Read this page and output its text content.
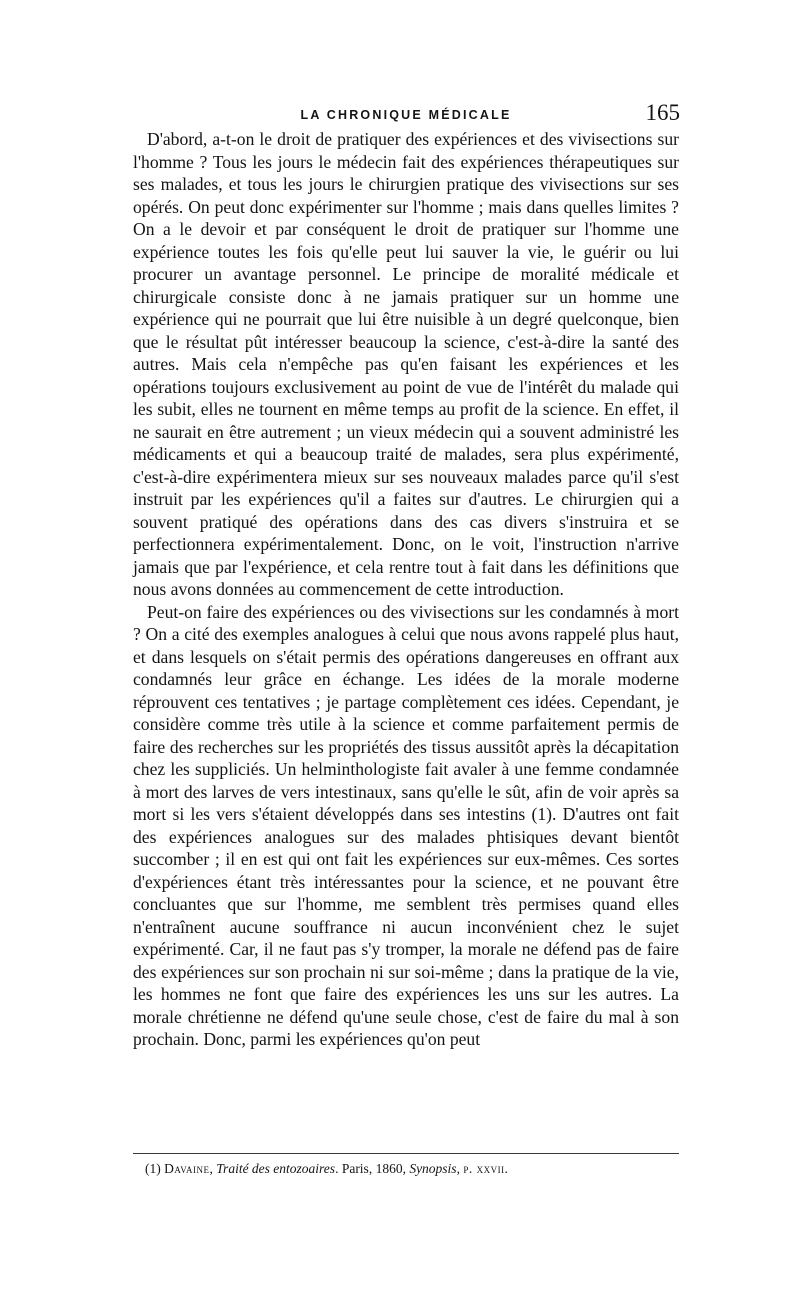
LA CHRONIQUE MÉDICALE	165

D'abord, a-t-on le droit de pratiquer des expériences et des vivisections sur l'homme ? Tous les jours le médecin fait des expériences thérapeutiques sur ses malades, et tous les jours le chirurgien pratique des vivisections sur ses opérés. On peut donc expérimenter sur l'homme ; mais dans quelles limites ? On a le devoir et par conséquent le droit de pratiquer sur l'homme une expérience toutes les fois qu'elle peut lui sauver la vie, le guérir ou lui procurer un avantage personnel. Le principe de moralité médicale et chirurgicale consiste donc à ne jamais pratiquer sur un homme une expérience qui ne pourrait que lui être nuisible à un degré quelconque, bien que le résultat pût intéresser beaucoup la science, c'est-à-dire la santé des autres. Mais cela n'empêche pas qu'en faisant les expériences et les opérations toujours exclusivement au point de vue de l'intérêt du malade qui les subit, elles ne tournent en même temps au profit de la science. En effet, il ne saurait en être autrement ; un vieux médecin qui a souvent administré les médicaments et qui a beaucoup traité de malades, sera plus expérimenté, c'est-à-dire expérimentera mieux sur ses nouveaux malades parce qu'il s'est instruit par les expériences qu'il a faites sur d'autres. Le chirurgien qui a souvent pratiqué des opérations dans des cas divers s'instruira et se perfectionnera expérimentalement. Donc, on le voit, l'instruction n'arrive jamais que par l'expérience, et cela rentre tout à fait dans les définitions que nous avons données au commencement de cette introduction.

Peut-on faire des expériences ou des vivisections sur les condamnés à mort ? On a cité des exemples analogues à celui que nous avons rappelé plus haut, et dans lesquels on s'était permis des opérations dangereuses en offrant aux condamnés leur grâce en échange. Les idées de la morale moderne réprouvent ces tentatives ; je partage complètement ces idées. Cependant, je considère comme très utile à la science et comme parfaitement permis de faire des recherches sur les propriétés des tissus aussitôt après la décapitation chez les suppliciés. Un helminthologiste fait avaler à une femme condamnée à mort des larves de vers intestinaux, sans qu'elle le sût, afin de voir après sa mort si les vers s'étaient développés dans ses intestins (1). D'autres ont fait des expériences analogues sur des malades phtisiques devant bientôt succomber ; il en est qui ont fait les expériences sur eux-mêmes. Ces sortes d'expériences étant très intéressantes pour la science, et ne pouvant être concluantes que sur l'homme, me semblent très permises quand elles n'entraînent aucune souffrance ni aucun inconvénient chez le sujet expérimenté. Car, il ne faut pas s'y tromper, la morale ne défend pas de faire des expériences sur son prochain ni sur soi-même ; dans la pratique de la vie, les hommes ne font que faire des expériences les uns sur les autres. La morale chrétienne ne défend qu'une seule chose, c'est de faire du mal à son prochain. Donc, parmi les expériences qu'on peut

(1) Davaine, Traité des entozoaires. Paris, 1860, Synopsis, p. xxvii.
